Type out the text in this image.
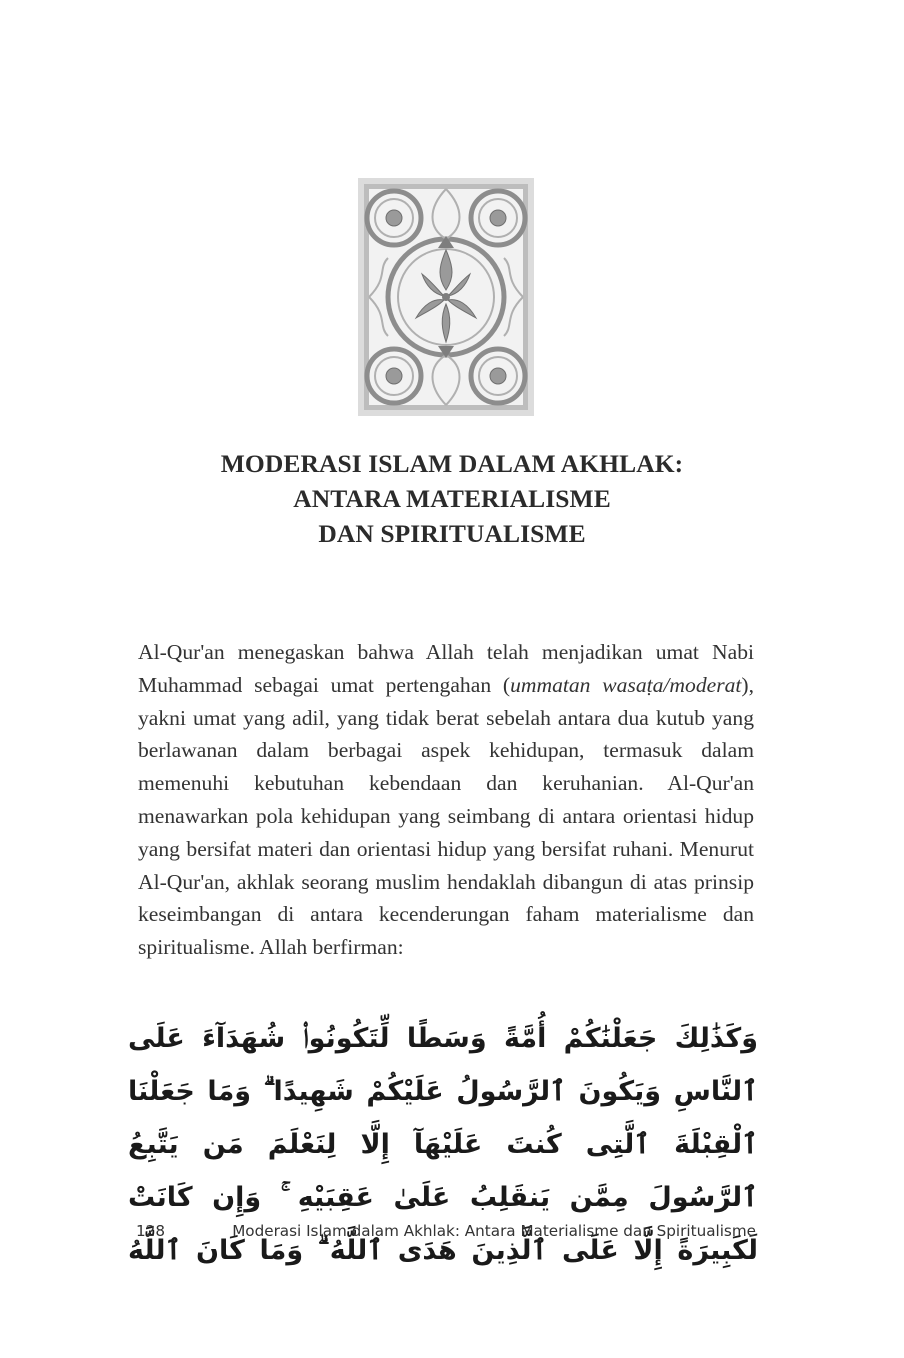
MODERASI ISLAM DALAM AKHLAK:
ANTARA MATERIALISME
DAN SPIRITUALISME

Al-Qur'an menegaskan bahwa Allah telah menjadikan umat Nabi Muhammad sebagai umat pertengahan (ummatan wasaṭa/moderat), yakni umat yang adil, yang tidak berat sebelah antara dua kutub yang berlawanan dalam berbagai aspek kehidupan, termasuk dalam memenuhi kebutuhan kebendaan dan keruhanian. Al-Qur'an menawarkan pola kehidupan yang seimbang di antara orientasi hidup yang bersifat materi dan orientasi hidup yang bersifat ruhani. Menurut Al-Qur'an, akhlak seorang muslim hendaklah dibangun di atas prinsip keseimbangan di antara kecenderungan faham materialisme dan spiritualisme. Allah berfirman:

وَكَذَٰلِكَ جَعَلْنَٰكُمْ أُمَّةً وَسَطًا لِّتَكُونُوا۟ شُهَدَآءَ عَلَى ٱلنَّاسِ وَيَكُونَ ٱلرَّسُولُ عَلَيْكُمْ شَهِيدًا ۗ وَمَا جَعَلْنَا ٱلْقِبْلَةَ ٱلَّتِى كُنتَ عَلَيْهَآ إِلَّا لِنَعْلَمَ مَن يَتَّبِعُ ٱلرَّسُولَ مِمَّن يَنقَلِبُ عَلَىٰ عَقِبَيْهِ ۚ وَإِن كَانَتْ لَكَبِيرَةً إِلَّا عَلَى ٱلَّذِينَ هَدَى ٱللَّهُ ۗ وَمَا كَانَ ٱللَّهُ
128	Moderasi Islam dalam Akhlak: Antara Materialisme dan Spiritualisme
